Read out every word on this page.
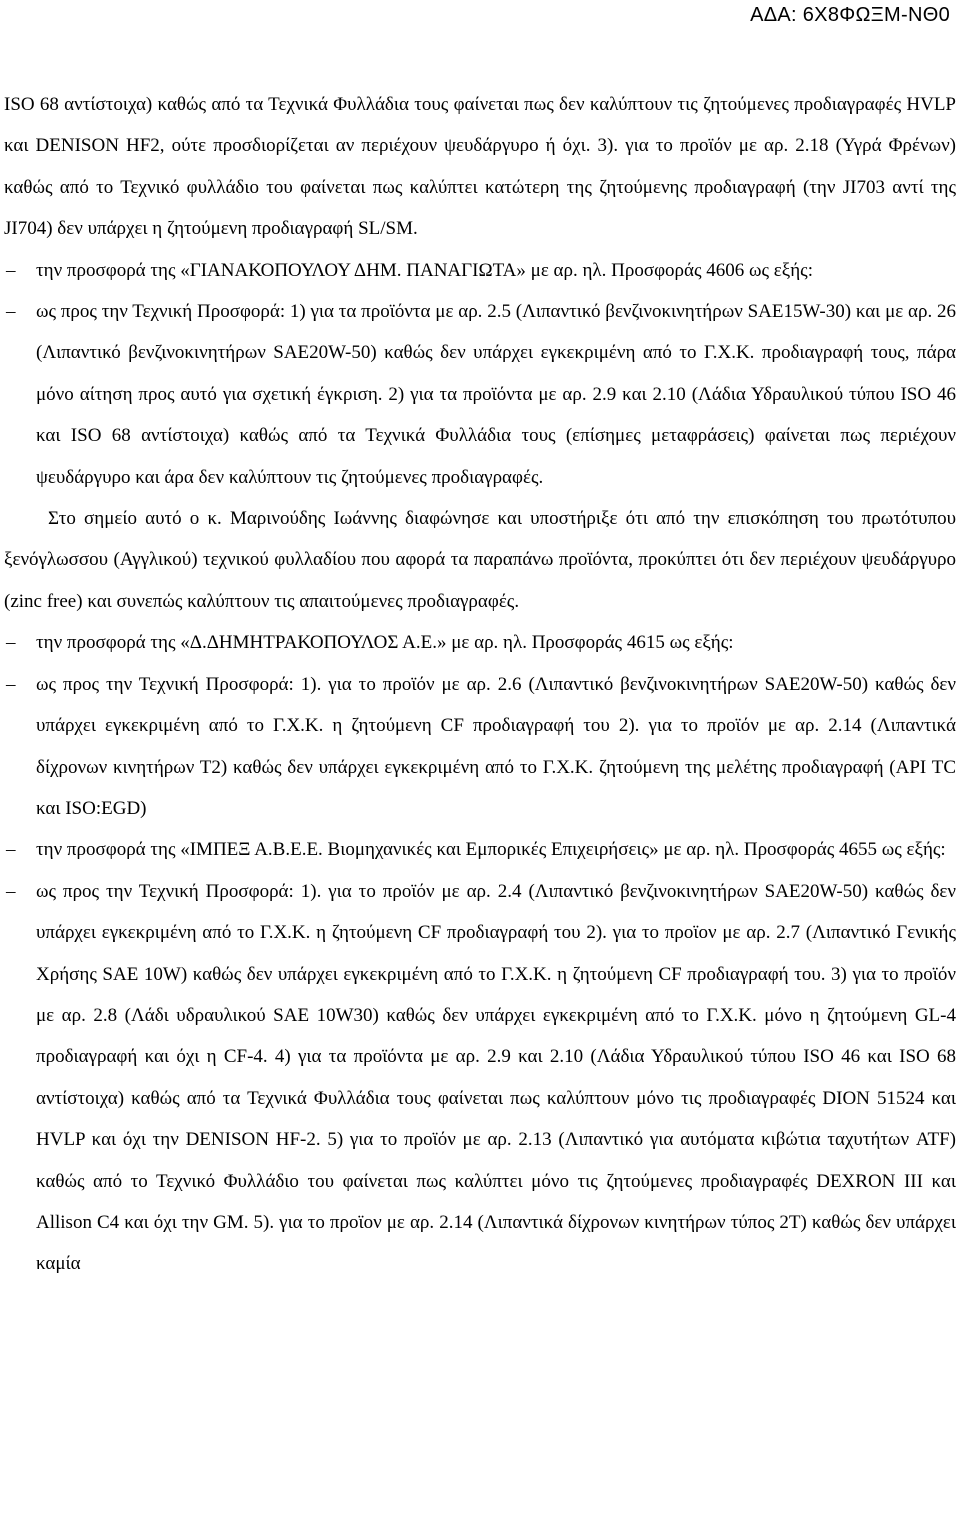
ΑΔΑ: 6Χ8ΦΩΞΜ-ΝΘ0

ISO 68 αντίστοιχα) καθώς από τα Τεχνικά Φυλλάδια τους φαίνεται πως δεν καλύπτουν τις ζητούμενες προδιαγραφές HVLP και DENISON HF2, ούτε προσδιορίζεται αν περιέχουν ψευδάργυρο ή όχι. 3). για το προϊόν με αρ. 2.18 (Υγρά Φρένων) καθώς από το Τεχνικό φυλλάδιο του φαίνεται πως καλύπτει κατώτερη της ζητούμενης προδιαγραφή (την JI703 αντί της JI704) δεν υπάρχει η ζητούμενη προδιαγραφή SL/SM.

–	την προσφορά της «ΓΙΑΝΑΚΟΠΟΥΛΟΥ ΔΗΜ. ΠΑΝΑΓΙΩΤΑ» με αρ. ηλ. Προσφοράς 4606 ως εξής:
–	ως προς την Τεχνική Προσφορά: 1) για τα προϊόντα με αρ. 2.5 (Λιπαντικό βενζινοκινητήρων SAE15W-30) και με αρ. 26 (Λιπαντικό βενζινοκινητήρων SAE20W-50) καθώς δεν υπάρχει εγκεκριμένη από το Γ.Χ.Κ. προδιαγραφή τους, πάρα μόνο αίτηση προς αυτό για σχετική έγκριση. 2) για τα προϊόντα με αρ. 2.9 και 2.10 (Λάδια Υδραυλικού τύπου ISO 46 και ISO 68 αντίστοιχα) καθώς από τα Τεχνικά Φυλλάδια τους (επίσημες μεταφράσεις) φαίνεται πως περιέχουν ψευδάργυρο και άρα δεν καλύπτουν τις ζητούμενες προδιαγραφές.

Στο σημείο αυτό ο κ. Μαρινούδης Ιωάννης διαφώνησε και υποστήριξε ότι από την επισκόπηση του πρωτότυπου ξενόγλωσσου (Αγγλικού) τεχνικού φυλλαδίου που αφορά τα παραπάνω προϊόντα, προκύπτει ότι δεν περιέχουν ψευδάργυρο (zinc free) και συνεπώς καλύπτουν τις απαιτούμενες προδιαγραφές.

–	την προσφορά της «Δ.ΔΗΜΗΤΡΑΚΟΠΟΥΛΟΣ Α.Ε.» με αρ. ηλ. Προσφοράς 4615 ως εξής:
–	ως προς την Τεχνική Προσφορά: 1). για το προϊόν με αρ. 2.6 (Λιπαντικό βενζινοκινητήρων SAE20W-50) καθώς δεν υπάρχει εγκεκριμένη από το Γ.Χ.Κ. η ζητούμενη CF προδιαγραφή του 2). για το προϊόν με αρ. 2.14 (Λιπαντικά δίχρονων κινητήρων Τ2) καθώς δεν υπάρχει εγκεκριμένη από το Γ.Χ.Κ. ζητούμενη της μελέτης προδιαγραφή (API TC και ISO:EGD)
–	την προσφορά της «ΙΜΠΕΞ Α.Β.Ε.Ε. Βιομηχανικές και Εμπορικές Επιχειρήσεις» με αρ. ηλ. Προσφοράς 4655 ως εξής:
–	ως προς την Τεχνική Προσφορά: 1). για το προϊόν με αρ. 2.4 (Λιπαντικό βενζινοκινητήρων SAE20W-50) καθώς δεν υπάρχει εγκεκριμένη από το Γ.Χ.Κ. η ζητούμενη CF προδιαγραφή του 2). για το προϊον με αρ. 2.7 (Λιπαντικό Γενικής Χρήσης SAE 10W) καθώς δεν υπάρχει εγκεκριμένη από το Γ.Χ.Κ. η ζητούμενη CF προδιαγραφή του. 3) για το προϊόν με αρ. 2.8 (Λάδι υδραυλικού SAE 10W30) καθώς δεν υπάρχει εγκεκριμένη από το Γ.Χ.Κ. μόνο η ζητούμενη GL-4 προδιαγραφή και όχι η CF-4. 4) για τα προϊόντα με αρ. 2.9 και 2.10 (Λάδια Υδραυλικού τύπου ISO 46 και ISO 68 αντίστοιχα) καθώς από τα Τεχνικά Φυλλάδια τους φαίνεται πως καλύπτουν μόνο τις προδιαγραφές DION 51524 και HVLP και όχι την DENISON HF-2. 5) για το προϊόν με αρ. 2.13 (Λιπαντικό για αυτόματα κιβώτια ταχυτήτων ATF) καθώς από το Τεχνικό Φυλλάδιο του φαίνεται πως καλύπτει μόνο τις ζητούμενες προδιαγραφές DEXRON III και Allison C4 και όχι την GM. 5). για το προϊον με αρ. 2.14 (Λιπαντικά δίχρονων κινητήρων τύπος 2Τ) καθώς δεν υπάρχει καμία
